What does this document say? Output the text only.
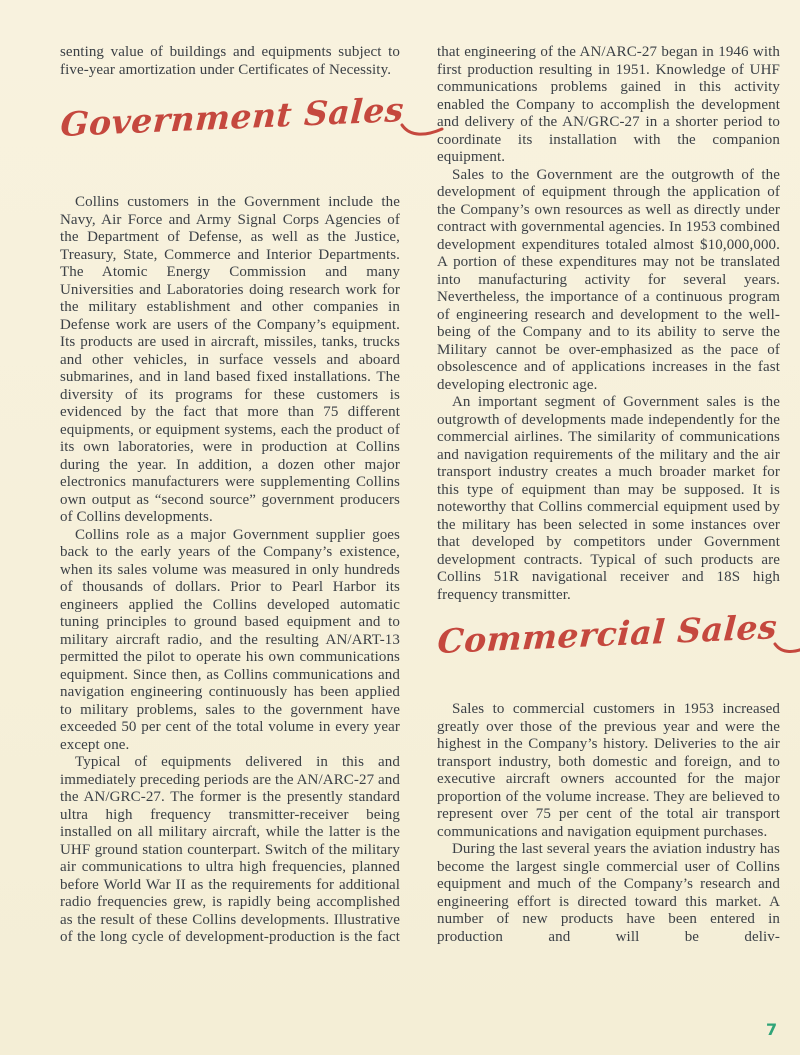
senting value of buildings and equipments subject to five-year amortization under Certificates of Necessity.

Government Sales

Collins customers in the Government include the Navy, Air Force and Army Signal Corps Agencies of the Department of Defense, as well as the Justice, Treasury, State, Commerce and Interior Departments. The Atomic Energy Commission and many Universities and Laboratories doing research work for the military establishment and other companies in Defense work are users of the Company’s equipment. Its products are used in aircraft, missiles, tanks, trucks and other vehicles, in surface vessels and aboard submarines, and in land based fixed installations. The diversity of its programs for these customers is evidenced by the fact that more than 75 different equipments, or equipment systems, each the product of its own laboratories, were in production at Collins during the year. In addition, a dozen other major electronics manufacturers were supplementing Collins own output as “second source” government producers of Collins developments.

Collins role as a major Government supplier goes back to the early years of the Company’s existence, when its sales volume was measured in only hundreds of thousands of dollars. Prior to Pearl Harbor its engineers applied the Collins developed automatic tuning principles to ground based equipment and to military aircraft radio, and the resulting AN/ART-13 permitted the pilot to operate his own communications equipment. Since then, as Collins communications and navigation engineering continuously has been applied to military problems, sales to the government have exceeded 50 per cent of the total volume in every year except one.

Typical of equipments delivered in this and immediately preceding periods are the AN/ARC-27 and the AN/GRC-27. The former is the presently standard ultra high frequency transmitter-receiver being installed on all military aircraft, while the latter is the UHF ground station counterpart. Switch of the military air communications to ultra high frequencies, planned before World War II as the requirements for additional radio frequencies grew, is rapidly being accomplished as the result of these Collins developments. Illustrative of the long cycle of development-production is the fact

that engineering of the AN/ARC-27 began in 1946 with first production resulting in 1951. Knowledge of UHF communications problems gained in this activity enabled the Company to accomplish the development and delivery of the AN/GRC-27 in a shorter period to coordinate its installation with the companion equipment.

Sales to the Government are the outgrowth of the development of equipment through the application of the Company’s own resources as well as directly under contract with governmental agencies. In 1953 combined development expenditures totaled almost $10,000,000. A portion of these expenditures may not be translated into manufacturing activity for several years. Nevertheless, the importance of a continuous program of engineering research and development to the well-being of the Company and to its ability to serve the Military cannot be over-emphasized as the pace of obsolescence and of applications increases in the fast developing electronic age.

An important segment of Government sales is the outgrowth of developments made independently for the commercial airlines. The similarity of communications and navigation requirements of the military and the air transport industry creates a much broader market for this type of equipment than may be supposed. It is noteworthy that Collins commercial equipment used by the military has been selected in some instances over that developed by competitors under Government development contracts. Typical of such products are Collins 51R navigational receiver and 18S high frequency transmitter.

Commercial Sales

Sales to commercial customers in 1953 increased greatly over those of the previous year and were the highest in the Company’s history. Deliveries to the air transport industry, both domestic and foreign, and to executive aircraft owners accounted for the major proportion of the volume increase. They are believed to represent over 75 per cent of the total air transport communications and navigation equipment purchases.

During the last several years the aviation industry has become the largest single commercial user of Collins equipment and much of the Company’s research and engineering effort is directed toward this market. A number of new products have been entered in production and will be deliv-

7
